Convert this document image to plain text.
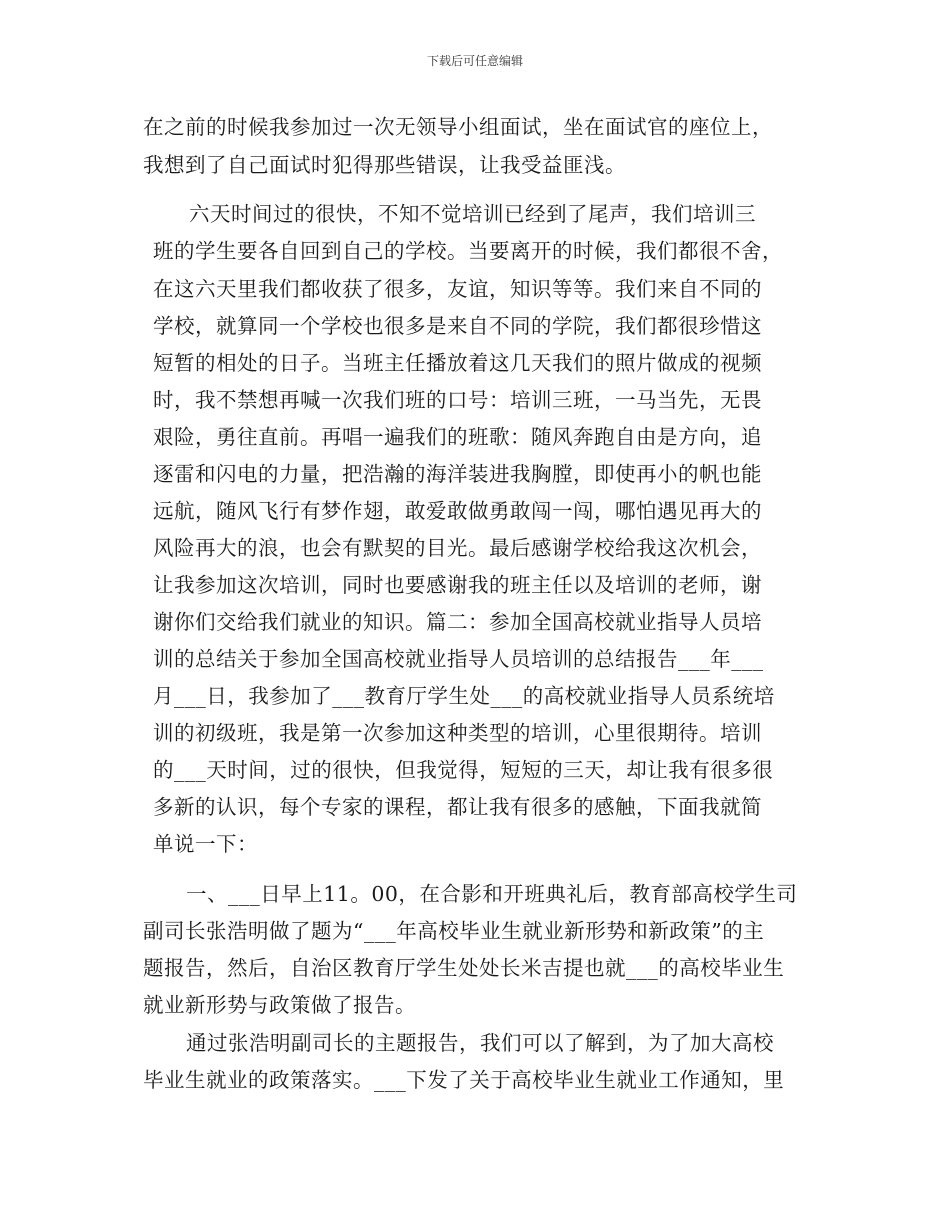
下载后可任意编辑
在之前的时候我参加过一次无领导小组面试，坐在面试官的座位上，
我想到了自己面试时犯得那些错误，让我受益匪浅。
六天时间过的很快，不知不觉培训已经到了尾声，我们培训三
班的学生要各自回到自己的学校。当要离开的时候，我们都很不舍，
在这六天里我们都收获了很多，友谊，知识等等。我们来自不同的
学校，就算同一个学校也很多是来自不同的学院，我们都很珍惜这
短暂的相处的日子。当班主任播放着这几天我们的照片做成的视频
时，我不禁想再喊一次我们班的口号：培训三班，一马当先，无畏
艰险，勇往直前。再唱一遍我们的班歌：随风奔跑自由是方向，追
逐雷和闪电的力量，把浩瀚的海洋装进我胸膛，即使再小的帆也能
远航，随风飞行有梦作翅，敢爱敢做勇敢闯一闯，哪怕遇见再大的
风险再大的浪，也会有默契的目光。最后感谢学校给我这次机会，
让我参加这次培训，同时也要感谢我的班主任以及培训的老师，谢
谢你们交给我们就业的知识。篇二：参加全国高校就业指导人员培
训的总结关于参加全国高校就业指导人员培训的总结报告___年___
月___日，我参加了___教育厅学生处___的高校就业指导人员系统培
训的初级班，我是第一次参加这种类型的培训，心里很期待。培训
的___天时间，过的很快，但我觉得，短短的三天，却让我有很多很
多新的认识，每个专家的课程，都让我有很多的感触，下面我就简
单说一下：
一、___日早上11。00，在合影和开班典礼后，教育部高校学生司
副司长张浩明做了题为“___年高校毕业生就业新形势和新政策”的主
题报告，然后，自治区教育厅学生处处长米吉提也就___的高校毕业生
就业新形势与政策做了报告。
通过张浩明副司长的主题报告，我们可以了解到，为了加大高校
毕业生就业的政策落实。___下发了关于高校毕业生就业工作通知，里
